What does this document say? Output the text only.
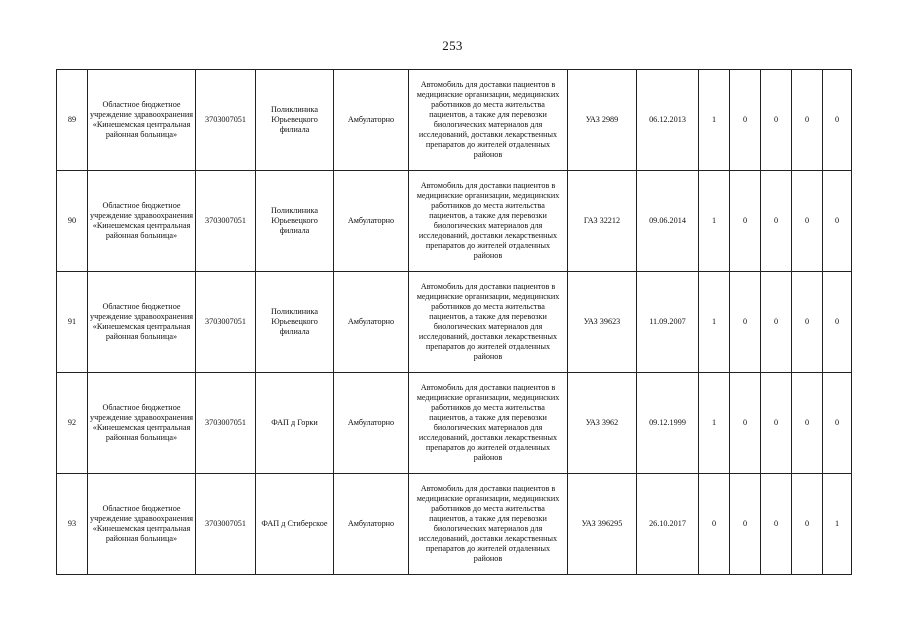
253
89	Областное бюджетное учреждение здравоохранения «Кинешемская центральная районная больница»	3703007051	Поликлиника Юрьевецкого филиала	Амбулаторно	Автомобиль для доставки пациентов в медицинские организации, медицинских работников до места жительства пациентов, а также для перевозки биологических материалов для исследований, доставки лекарственных препаратов до жителей отдаленных районов	УАЗ 2989	06.12.2013	1	0	0	0	0
90	Областное бюджетное учреждение здравоохранения «Кинешемская центральная районная больница»	3703007051	Поликлиника Юрьевецкого филиала	Амбулаторно	Автомобиль для доставки пациентов в медицинские организации, медицинских работников до места жительства пациентов, а также для перевозки биологических материалов для исследований, доставки лекарственных препаратов до жителей отдаленных районов	ГАЗ 32212	09.06.2014	1	0	0	0	0
91	Областное бюджетное учреждение здравоохранения «Кинешемская центральная районная больница»	3703007051	Поликлиника Юрьевецкого филиала	Амбулаторно	Автомобиль для доставки пациентов в медицинские организации, медицинских работников до места жительства пациентов, а также для перевозки биологических материалов для исследований, доставки лекарственных препаратов до жителей отдаленных районов	УАЗ 39623	11.09.2007	1	0	0	0	0
92	Областное бюджетное учреждение здравоохранения «Кинешемская центральная районная больница»	3703007051	ФАП д Горки	Амбулаторно	Автомобиль для доставки пациентов в медицинские организации, медицинских работников до места жительства пациентов, а также для перевозки биологических материалов для исследований, доставки лекарственных препаратов до жителей отдаленных районов	УАЗ 3962	09.12.1999	1	0	0	0	0
93	Областное бюджетное учреждение здравоохранения «Кинешемская центральная районная больница»	3703007051	ФАП д Стиберское	Амбулаторно	Автомобиль для доставки пациентов в медицинские организации, медицинских работников до места жительства пациентов, а также для перевозки биологических материалов для исследований, доставки лекарственных препаратов до жителей отдаленных районов	УАЗ 396295	26.10.2017	0	0	0	0	1
